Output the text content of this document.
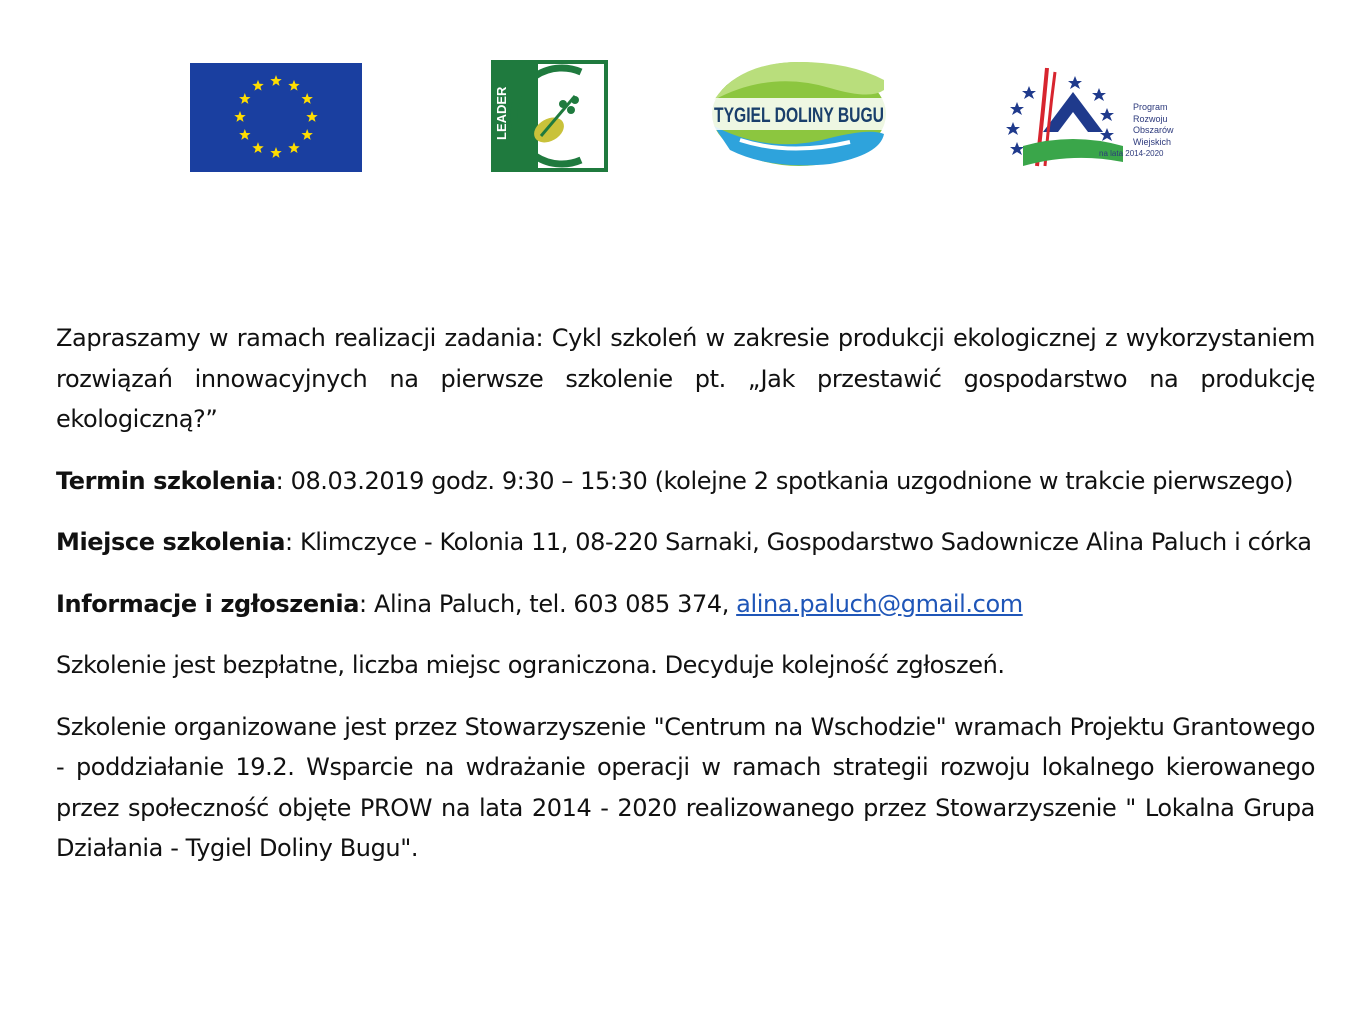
LEADER	TYGIEL DOLINY BUGU	Program
Rozwoju
Obszarów
Wiejskich
na lata 2014-2020

Zapraszamy w ramach realizacji zadania: Cykl szkoleń w zakresie produkcji ekologicznej z wykorzystaniem rozwiązań innowacyjnych na pierwsze szkolenie pt. „Jak przestawić gospodarstwo na produkcję ekologiczną?”

Termin szkolenia: 08.03.2019 godz. 9:30 – 15:30 (kolejne 2 spotkania uzgodnione w trakcie pierwszego)

Miejsce szkolenia: Klimczyce - Kolonia 11, 08-220 Sarnaki, Gospodarstwo Sadownicze Alina Paluch i córka

Informacje i zgłoszenia: Alina Paluch, tel. 603 085 374, alina.paluch@gmail.com

Szkolenie jest bezpłatne, liczba miejsc ograniczona. Decyduje kolejność zgłoszeń.

Szkolenie organizowane jest przez Stowarzyszenie "Centrum na Wschodzie" wramach Projektu Grantowego - poddziałanie 19.2. Wsparcie na wdrażanie operacji w ramach strategii rozwoju lokalnego kierowanego przez społeczność objęte PROW na lata 2014 - 2020 realizowanego przez Stowarzyszenie " Lokalna Grupa Działania - Tygiel Doliny Bugu".
